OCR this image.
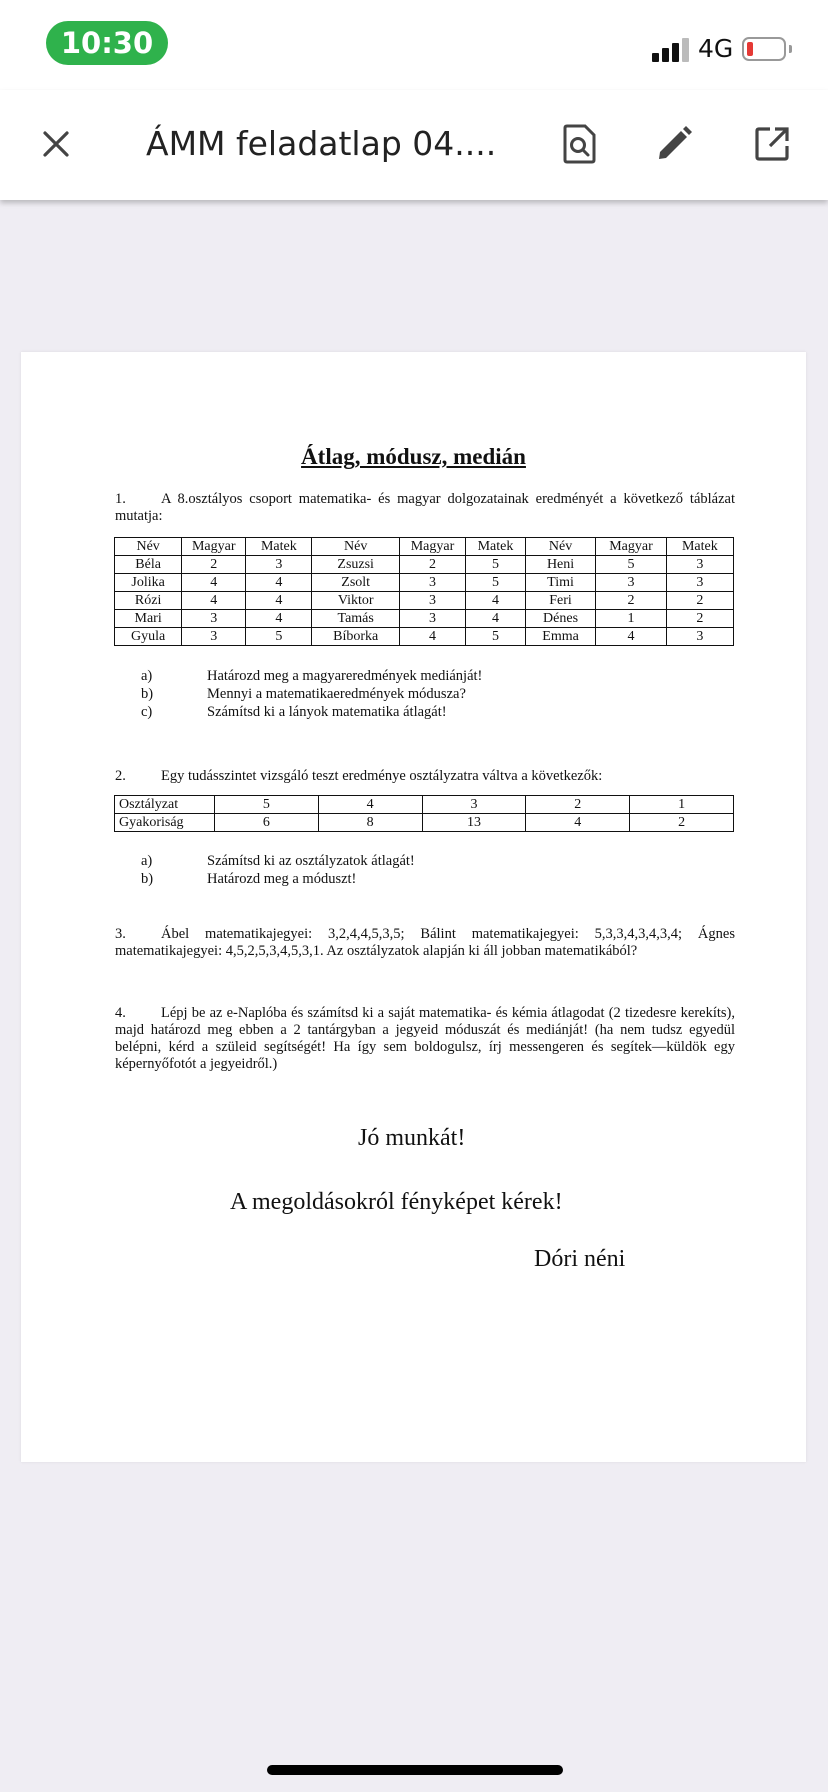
10:30	4G
ÁMM feladatlap 04....
Átlag, módusz, medián
1. A 8.osztályos csoport matematika- és magyar dolgozatainak eredményét a következő táblázat mutatja:
Név	Magyar	Matek	Név	Magyar	Matek	Név	Magyar	Matek
Béla	2	3	Zsuzsi	2	5	Heni	5	3
Jolika	4	4	Zsolt	3	5	Timi	3	3
Rózi	4	4	Viktor	3	4	Feri	2	2
Mari	3	4	Tamás	3	4	Dénes	1	2
Gyula	3	5	Bíborka	4	5	Emma	4	3
a)	Határozd meg a magyareredmények mediánját!
b)	Mennyi a matematikaeredmények módusza?
c)	Számítsd ki a lányok matematika átlagát!
2. Egy tudásszintet vizsgáló teszt eredménye osztályzatra váltva a következők:
Osztályzat	5	4	3	2	1
Gyakoriság	6	8	13	4	2
a)	Számítsd ki az osztályzatok átlagát!
b)	Határozd meg a móduszt!
3. Ábel matematikajegyei: 3,2,4,4,5,3,5; Bálint matematikajegyei: 5,3,3,4,3,4,3,4; Ágnes matematikajegyei: 4,5,2,5,3,4,5,3,1. Az osztályzatok alapján ki áll jobban matematikából?
4. Lépj be az e-Naplóba és számítsd ki a saját matematika- és kémia átlagodat (2 tizedesre kerekíts), majd határozd meg ebben a 2 tantárgyban a jegyeid móduszát és mediánját! (ha nem tudsz egyedül belépni, kérd a szüleid segítségét! Ha így sem boldogulsz, írj messengeren és segítek—küldök egy képernyőfotót a jegyeidről.)
Jó munkát!
A megoldásokról fényképet kérek!
Dóri néni
